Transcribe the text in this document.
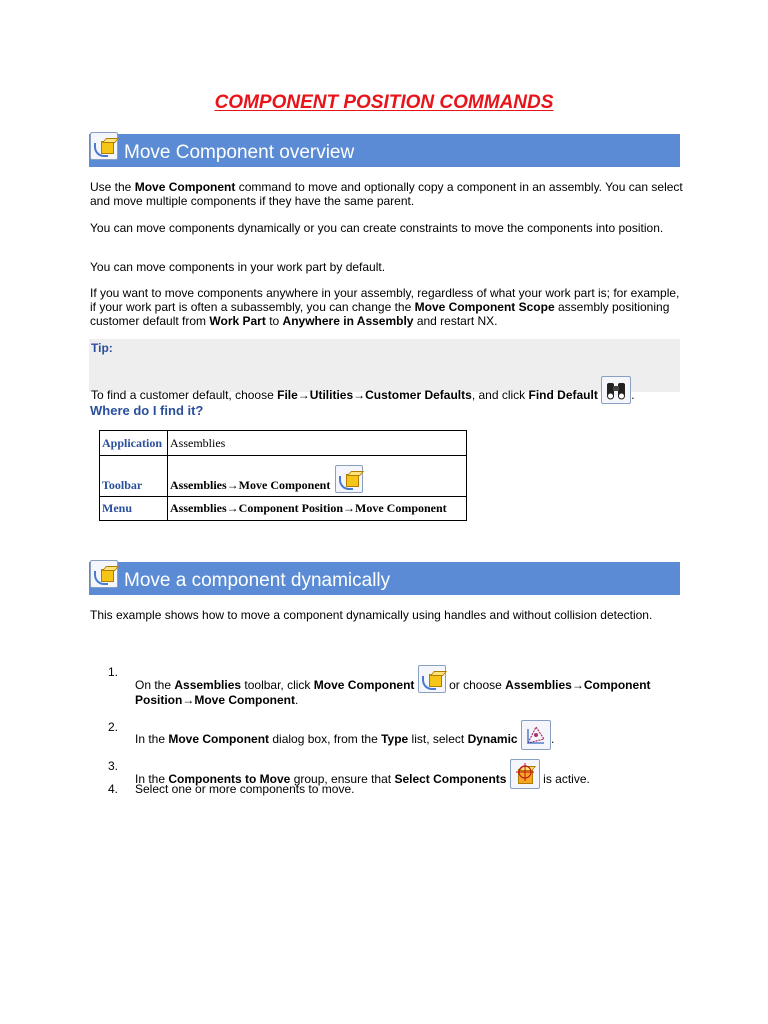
COMPONENT POSITION COMMANDS
Move Component overview
Use the Move Component command to move and optionally copy a component in an assembly. You can select and move multiple components if they have the same parent.
You can move components dynamically or you can create constraints to move the components into position.
You can move components in your work part by default.
If you want to move components anywhere in your assembly, regardless of what your work part is; for example, if your work part is often a subassembly, you can change the Move Component Scope assembly positioning customer default from Work Part to Anywhere in Assembly and restart NX.
Tip:
To find a customer default, choose File→Utilities→Customer Defaults, and click Find Default	.
Where do I find it?
Application	Assemblies
Toolbar	Assemblies→Move Component

Menu	Assemblies→Component Position→Move Component
Move a component dynamically
This example shows how to move a component dynamically using handles and without collision detection.
1.
On the Assemblies toolbar, click Move Component	or choose Assemblies→Component Position→Move Component.
2.
In the Move Component dialog box, from the Type list, select Dynamic	.
3.
In the Components to Move group, ensure that Select Components	is active.
4.	Select one or more components to move.
